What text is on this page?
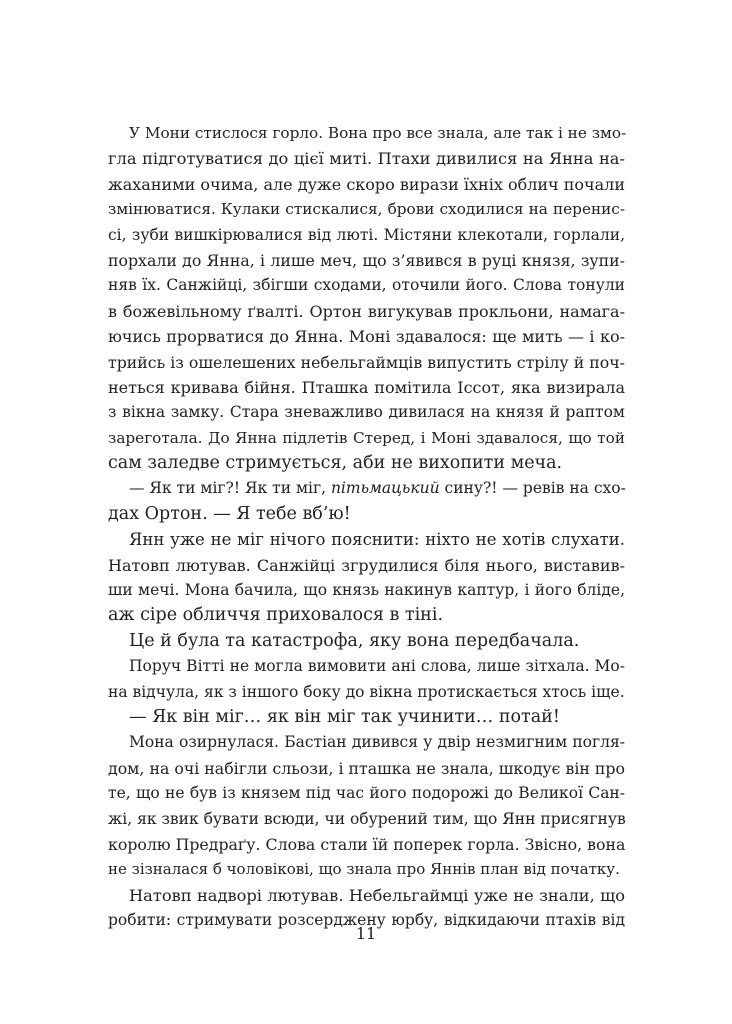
У Мони стислося горло. Вона про все знала, але так і не змо-
гла підготуватися до цієї миті. Птахи дивилися на Янна на-
жаханими очима, але дуже скоро вирази їхніх облич почали
змінюватися. Кулаки стискалися, брови сходилися на перенис-
сі, зуби вишкірювалися від люті. Містяни клекотали, горлали,
порхали до Янна, і лише меч, що з’явився в руці князя, зупи-
няв їх. Санжійці, збігши сходами, оточили його. Слова тонули
в божевільному ґвалті. Ортон вигукував прокльони, намага-
ючись прорватися до Янна. Моні здавалося: ще мить — і ко-
трийсь із ошелешених небельгаймців випустить стрілу й поч-
неться кривава бійня. Пташка помітила Іссот, яка визирала
з вікна замку. Стара зневажливо дивилася на князя й раптом
зареготала. До Янна підлетів Стеред, і Моні здавалося, що той
сам заледве стримується, аби не вихопити меча.
— Як ти міг?! Як ти міг, пітьмацький сину?! — ревів на схо-
дах Ортон. — Я тебе вб’ю!
Янн уже не міг нічого пояснити: ніхто не хотів слухати.
Натовп лютував. Санжійці згрудилися біля нього, виставив-
ши мечі. Мона бачила, що князь накинув каптур, і його бліде,
аж сіре обличчя приховалося в тіні.
Це й була та катастрофа, яку вона передбачала.
Поруч Вітті не могла вимовити ані слова, лише зітхала. Мо-
на відчула, як з іншого боку до вікна протискається хтось іще.
— Як він міг… як він міг так учинити… потай!
Мона озирнулася. Бастіан дивився у двір незмигним погля-
дом, на очі набігли сльози, і пташка не знала, шкодує він про
те, що не був із князем під час його подорожі до Великої Сан-
жі, як звик бувати всюди, чи обурений тим, що Янн присягнув
королю Предраґу. Слова стали їй поперек горла. Звісно, вона
не зізналася б чоловікові, що знала про Яннів план від початку.
Натовп надворі лютував. Небельгаймці уже не знали, що
робити: стримувати розсерджену юрбу, відкидаючи птахів від
11
